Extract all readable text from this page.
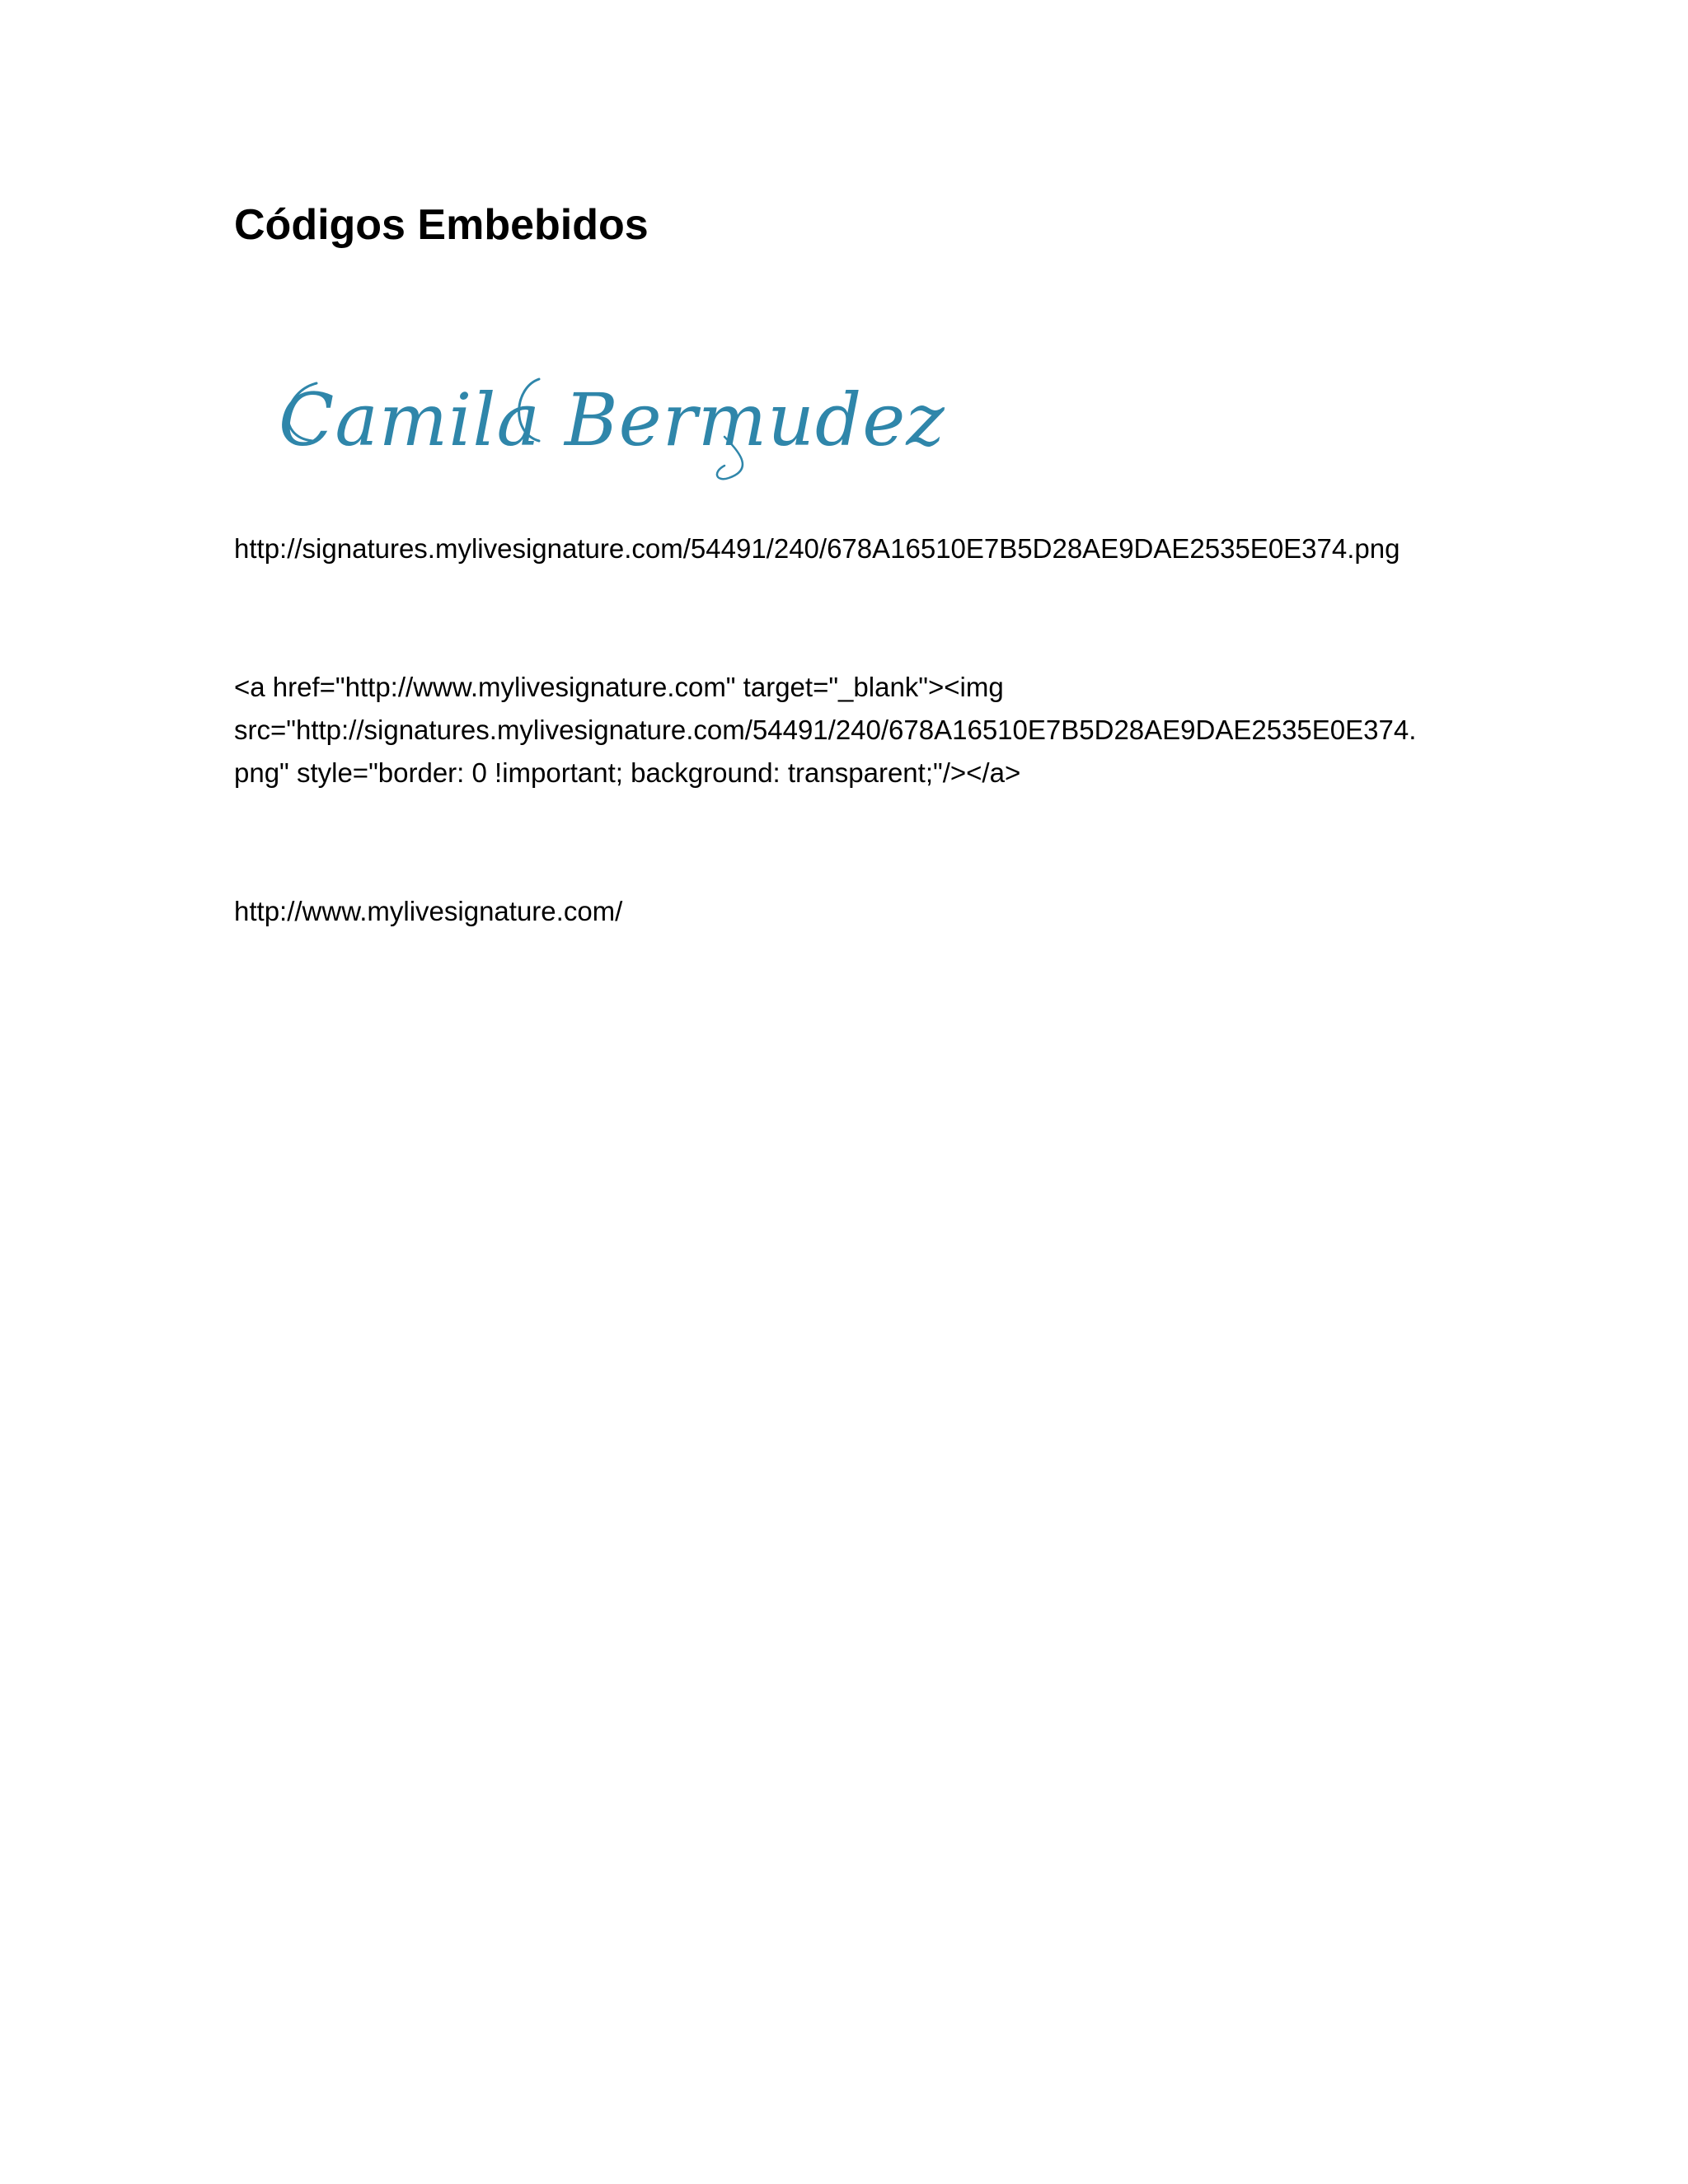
Códigos Embebidos
Camila Bermudez

http://signatures.mylivesignature.com/54491/240/678A16510E7B5D28AE9DAE2535E0E374.png

<a href="http://www.mylivesignature.com" target="_blank"><img
src="http://signatures.mylivesignature.com/54491/240/678A16510E7B5D28AE9DAE2535E0E374.
png" style="border: 0 !important; background: transparent;"/></a>

http://www.mylivesignature.com/
